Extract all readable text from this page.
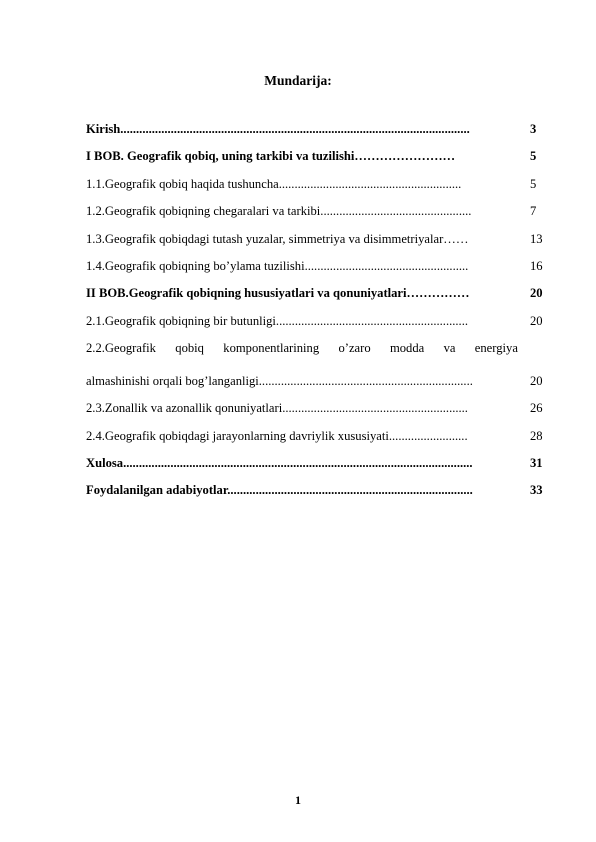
Mundarija:
Kirish...............................................................................................................	3
I BOB. Geografik qobiq, uning tarkibi va tuzilishi……………………	5
1.1.Geografik qobiq haqida tushuncha..........................................................	5
1.2.Geografik qobiqning chegaralari va tarkibi................................................	7
1.3.Geografik qobiqdagi tutash yuzalar, simmetriya va disimmetriyalar……	13
1.4.Geografik qobiqning bo’ylama tuzilishi....................................................	16
II BOB.Geografik qobiqning hususiyatlari va qonuniyatlari……………	20
2.1.Geografik qobiqning bir butunligi.............................................................	20
2.2.Geografik qobiq komponentlarining o’zaro modda va energiya
almashinishi orqali bog’langanligi....................................................................	20
2.3.Zonallik va azonallik qonuniyatlari...........................................................	26
2.4.Geografik qobiqdagi jarayonlarning davriylik xususiyati.........................	28
Xulosa...............................................................................................................	31
Foydalanilgan adabiyotlar..............................................................................	33
1
